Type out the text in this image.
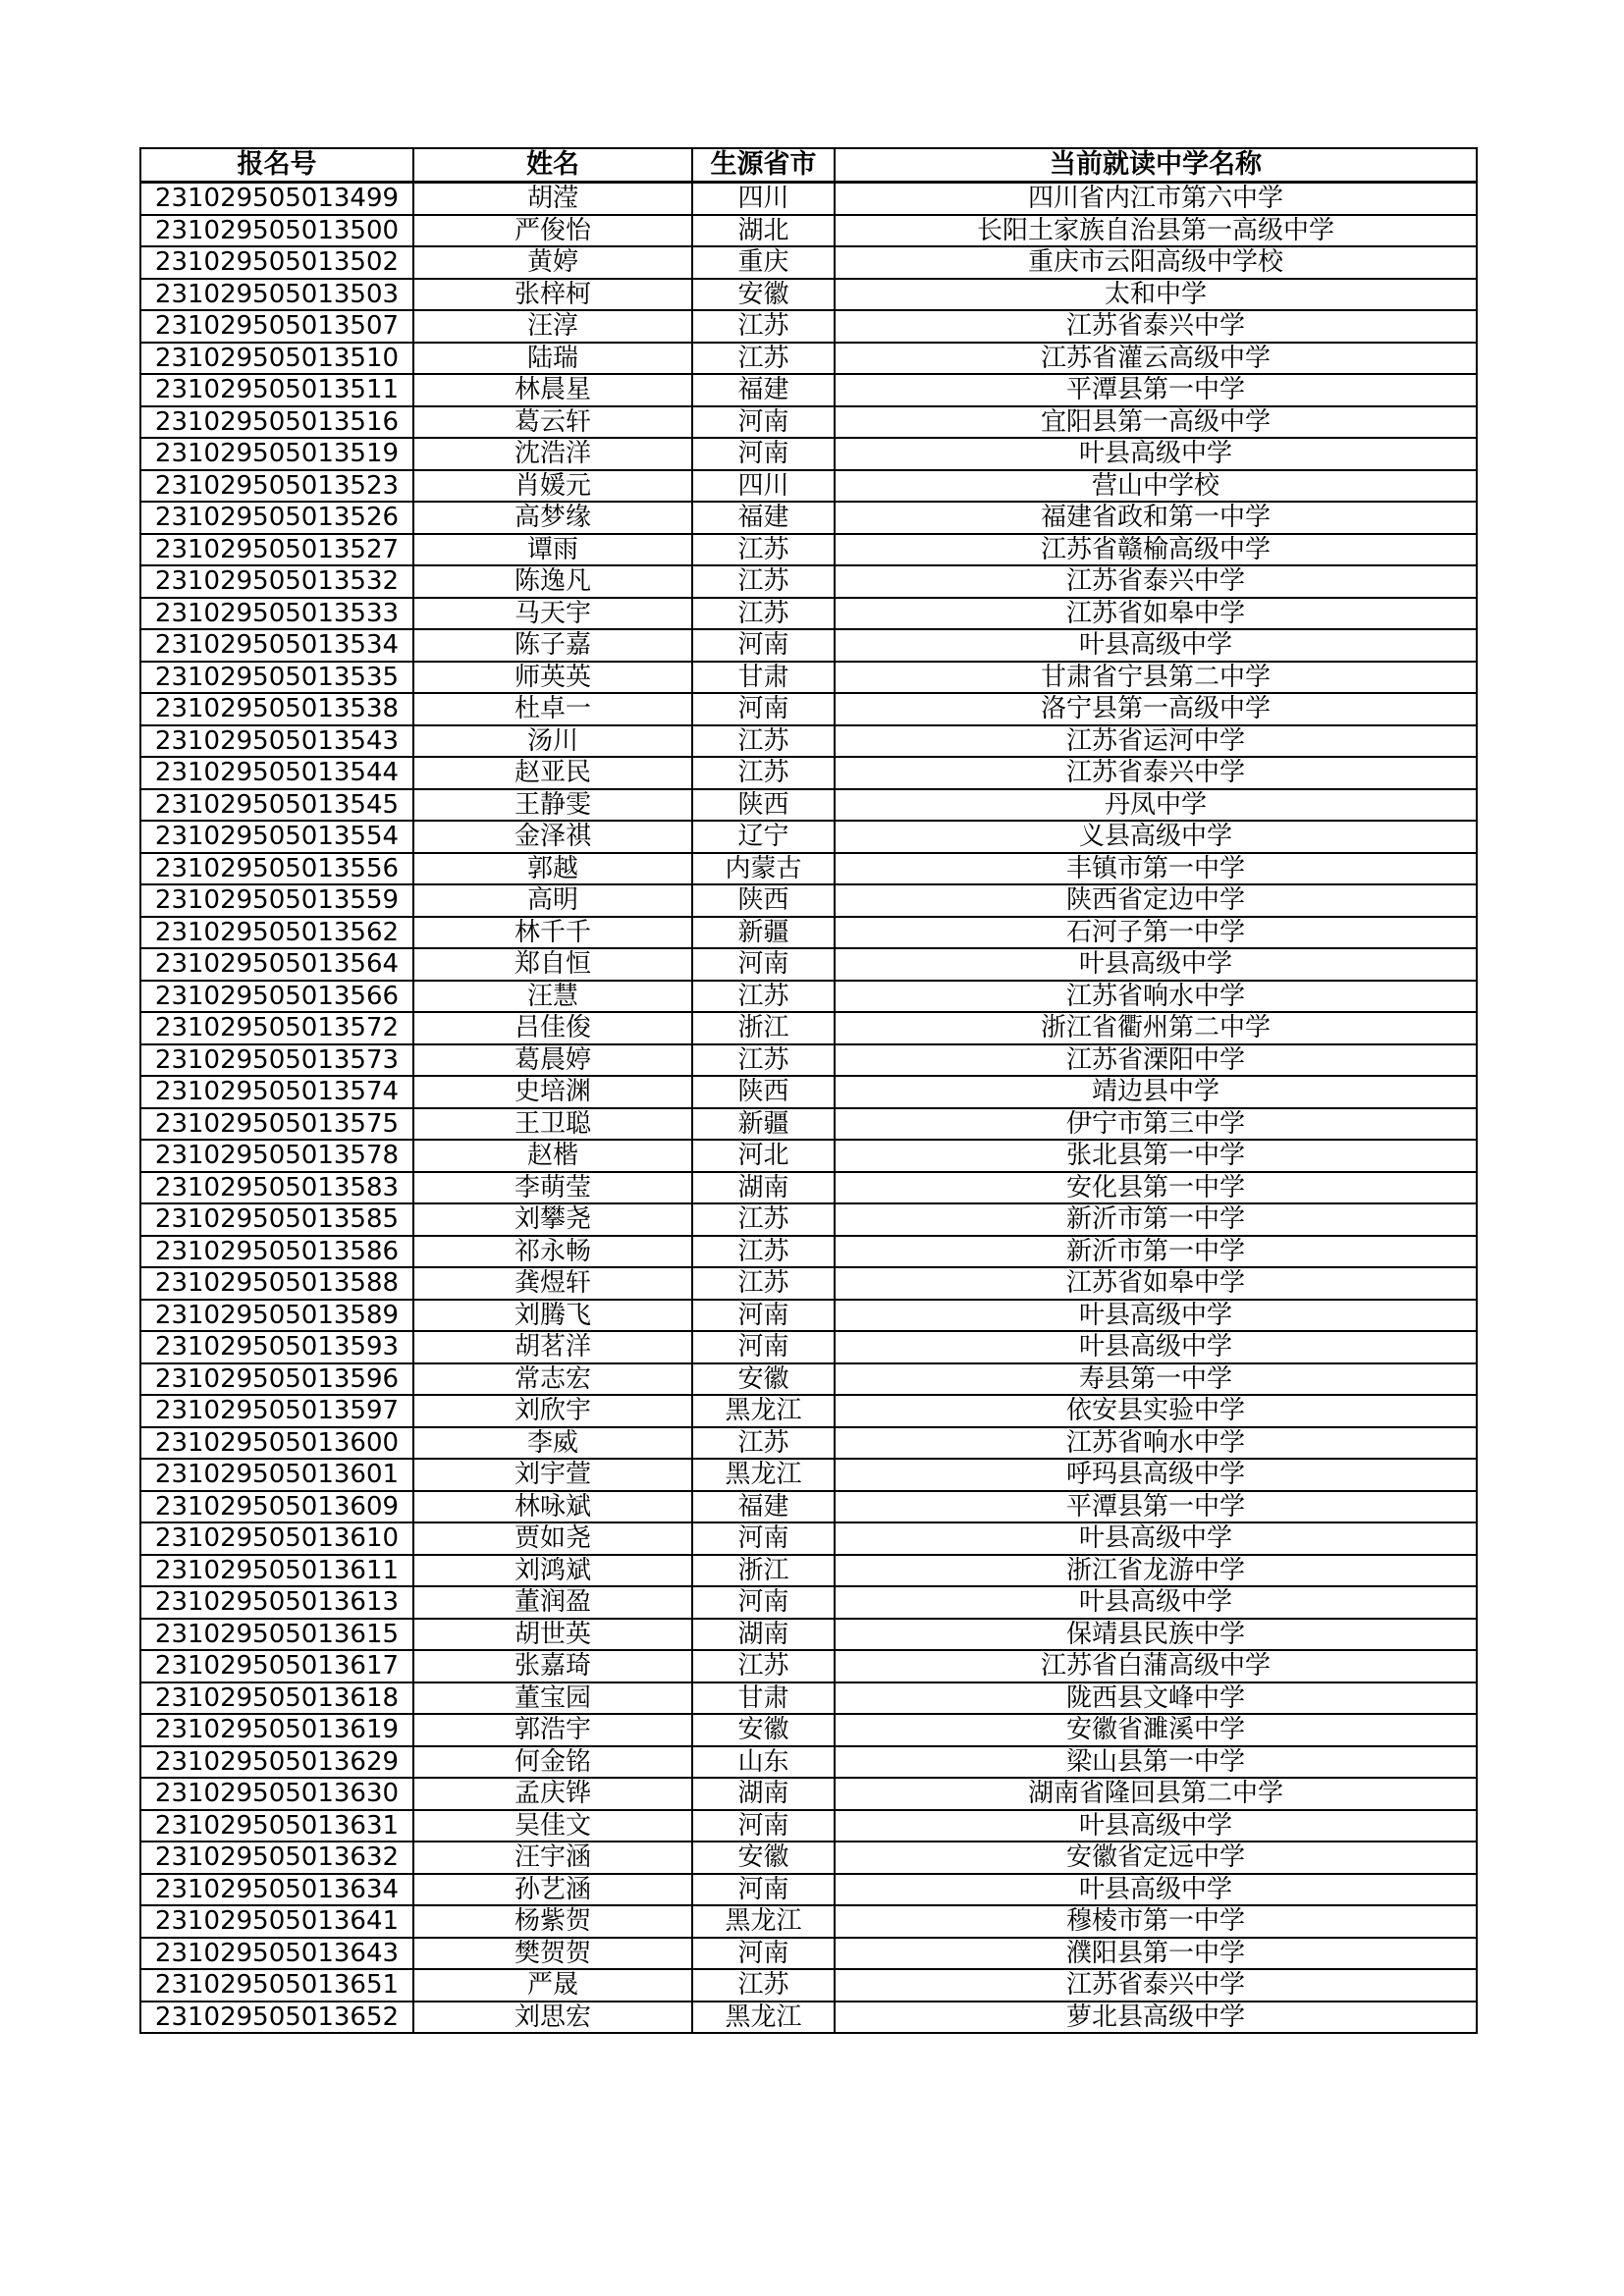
报名号	姓名	生源省市	当前就读中学名称
231029505013499	胡滢	四川	四川省内江市第六中学
231029505013500	严俊怡	湖北	长阳土家族自治县第一高级中学
231029505013502	黄婷	重庆	重庆市云阳高级中学校
231029505013503	张梓柯	安徽	太和中学
231029505013507	汪淳	江苏	江苏省泰兴中学
231029505013510	陆瑞	江苏	江苏省灌云高级中学
231029505013511	林晨星	福建	平潭县第一中学
231029505013516	葛云轩	河南	宜阳县第一高级中学
231029505013519	沈浩洋	河南	叶县高级中学
231029505013523	肖媛元	四川	营山中学校
231029505013526	高梦缘	福建	福建省政和第一中学
231029505013527	谭雨	江苏	江苏省赣榆高级中学
231029505013532	陈逸凡	江苏	江苏省泰兴中学
231029505013533	马天宇	江苏	江苏省如皋中学
231029505013534	陈子嘉	河南	叶县高级中学
231029505013535	师英英	甘肃	甘肃省宁县第二中学
231029505013538	杜卓一	河南	洛宁县第一高级中学
231029505013543	汤川	江苏	江苏省运河中学
231029505013544	赵亚民	江苏	江苏省泰兴中学
231029505013545	王静雯	陕西	丹凤中学
231029505013554	金泽祺	辽宁	义县高级中学
231029505013556	郭越	内蒙古	丰镇市第一中学
231029505013559	高明	陕西	陕西省定边中学
231029505013562	林千千	新疆	石河子第一中学
231029505013564	郑自恒	河南	叶县高级中学
231029505013566	汪慧	江苏	江苏省响水中学
231029505013572	吕佳俊	浙江	浙江省衢州第二中学
231029505013573	葛晨婷	江苏	江苏省溧阳中学
231029505013574	史培渊	陕西	靖边县中学
231029505013575	王卫聪	新疆	伊宁市第三中学
231029505013578	赵楷	河北	张北县第一中学
231029505013583	李萌莹	湖南	安化县第一中学
231029505013585	刘攀尧	江苏	新沂市第一中学
231029505013586	祁永畅	江苏	新沂市第一中学
231029505013588	龚煜轩	江苏	江苏省如皋中学
231029505013589	刘腾飞	河南	叶县高级中学
231029505013593	胡茗洋	河南	叶县高级中学
231029505013596	常志宏	安徽	寿县第一中学
231029505013597	刘欣宇	黑龙江	依安县实验中学
231029505013600	李威	江苏	江苏省响水中学
231029505013601	刘宇萱	黑龙江	呼玛县高级中学
231029505013609	林咏斌	福建	平潭县第一中学
231029505013610	贾如尧	河南	叶县高级中学
231029505013611	刘鸿斌	浙江	浙江省龙游中学
231029505013613	董润盈	河南	叶县高级中学
231029505013615	胡世英	湖南	保靖县民族中学
231029505013617	张嘉琦	江苏	江苏省白蒲高级中学
231029505013618	董宝园	甘肃	陇西县文峰中学
231029505013619	郭浩宇	安徽	安徽省濉溪中学
231029505013629	何金铭	山东	梁山县第一中学
231029505013630	孟庆铧	湖南	湖南省隆回县第二中学
231029505013631	吴佳文	河南	叶县高级中学
231029505013632	汪宇涵	安徽	安徽省定远中学
231029505013634	孙艺涵	河南	叶县高级中学
231029505013641	杨紫贺	黑龙江	穆棱市第一中学
231029505013643	樊贺贺	河南	濮阳县第一中学
231029505013651	严晟	江苏	江苏省泰兴中学
231029505013652	刘思宏	黑龙江	萝北县高级中学
